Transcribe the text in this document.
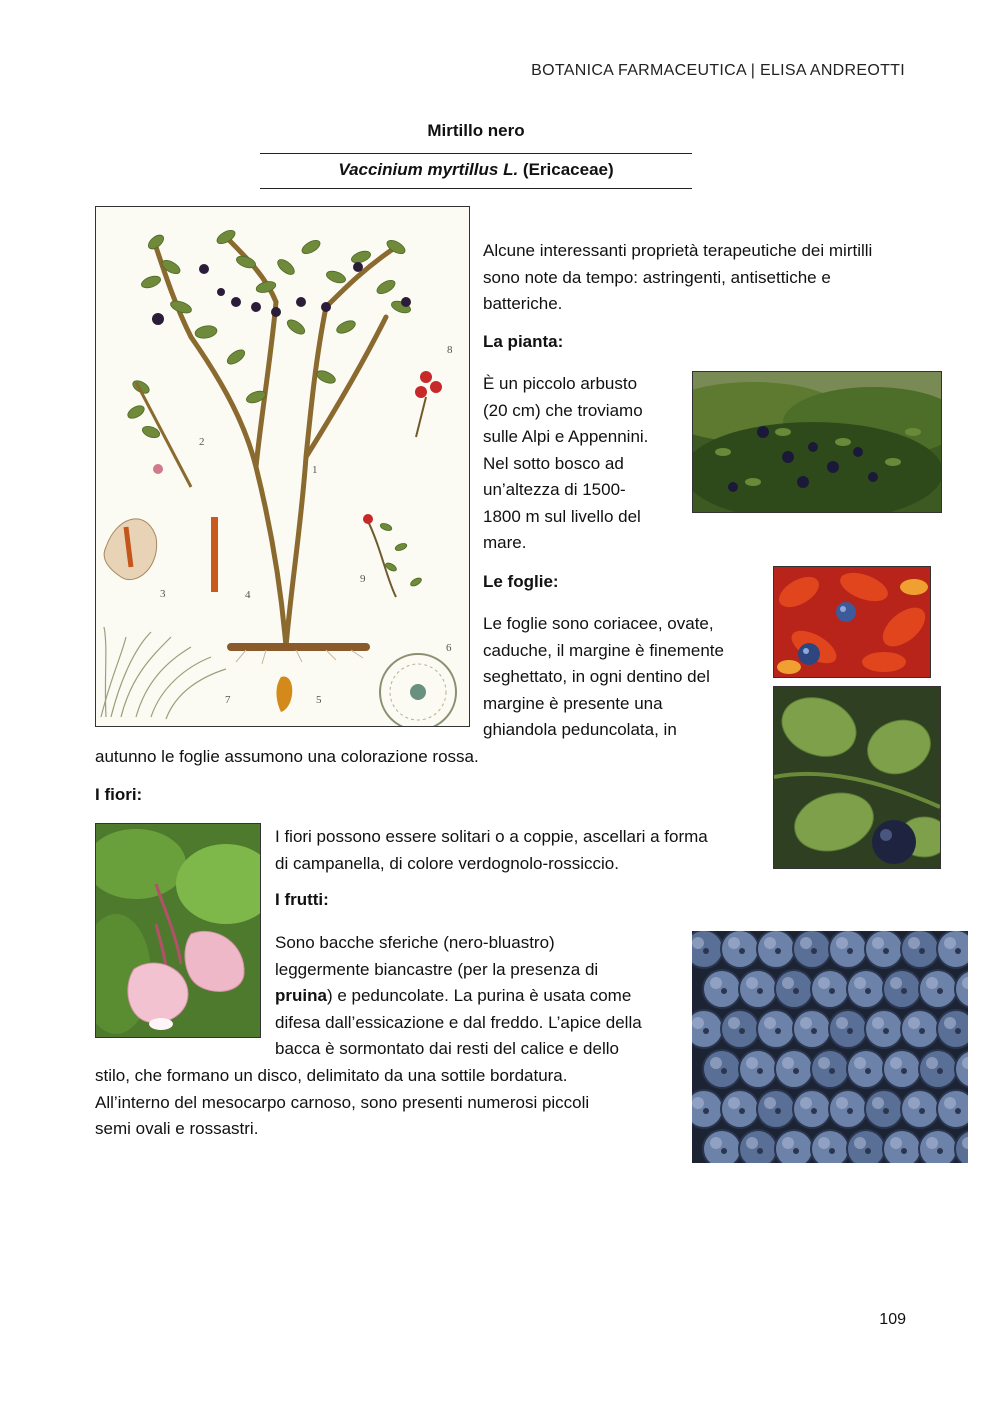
BOTANICA FARMACEUTICA | ELISA ANDREOTTI
Mirtillo nero
Vaccinium myrtillus L. (Ericaceae)
1
2
3	4
5
6
7
8
9

Alcune interessanti proprietà terapeutiche dei mirtilli sono note da tempo: astringenti, antisettiche e batteriche.

La pianta:
È un piccolo arbusto
(20 cm) che troviamo
sulle Alpi e Appennini.
Nel sotto bosco ad
un’altezza di 1500-
1800 m sul livello del
mare.
Le foglie:
Le foglie sono coriacee, ovate,
caduche, il margine è finemente
seghettato, in ogni dentino del
margine è presente una
ghiandola peduncolata, in
autunno le foglie assumono una colorazione rossa.
I fiori:
I fiori possono essere solitari o a coppie, ascellari a forma
di campanella, di colore verdognolo-rossiccio.
I frutti:
Sono bacche sferiche (nero-bluastro)
leggermente biancastre (per la presenza di
pruina) e peduncolate. La purina è usata come
difesa dall’essicazione e dal freddo. L’apice della
bacca è sormontato dai resti del calice e dello
stilo, che formano un disco, delimitato da una sottile bordatura.
All’interno del mesocarpo carnoso, sono presenti numerosi piccoli
semi ovali e rossastri.
109
